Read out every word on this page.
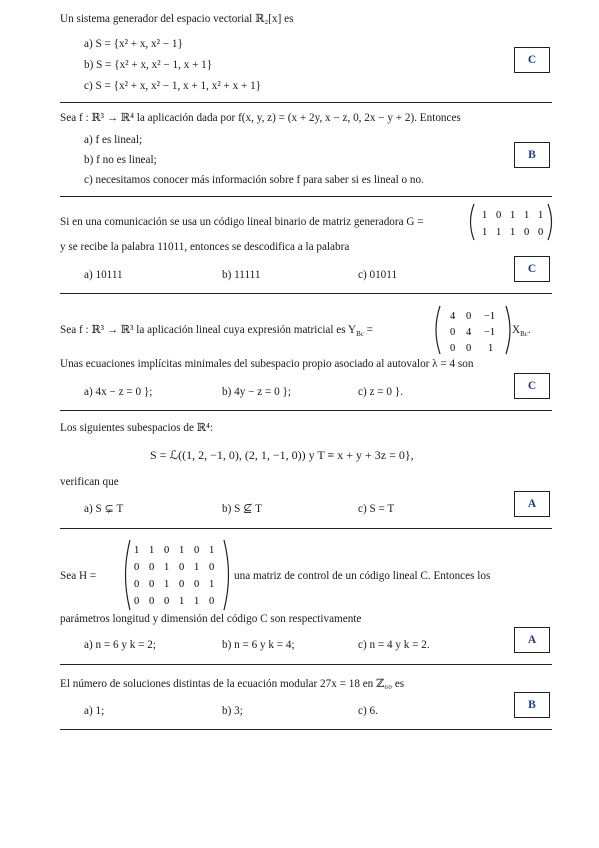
Un sistema generador del espacio vectorial ℝ₂[x] es
a) S = {x² + x, x² − 1}
b) S = {x² + x, x² − 1, x + 1}
c) S = {x² + x, x² − 1, x + 1, x² + x + 1}
C
Sea f : ℝ³ → ℝ⁴ la aplicación dada por f(x, y, z) = (x + 2y, x − z, 0, 2x − y + 2). Entonces
a) f es lineal;
b) f no es lineal;
c) necesitamos conocer más información sobre f para saber si es lineal o no.
B
Si en una comunicación se usa un código lineal binario de matriz generadora G =
1 0 1 1 1
1 1 1 0 0
y se recibe la palabra 11011, entonces se descodifica a la palabra
a) 10111	b) 11111	c) 01011	C
Sea f : ℝ³ → ℝ³ la aplicación lineal cuya expresión matricial es $Y_{Bc}$ =
4 0 −1
0 4 −1
0 0 1
$X_{Bc}$.
Unas ecuaciones implícitas minimales del subespacio propio asociado al autovalor λ = 4 son
a) 4x − z = 0 };	b) 4y − z = 0 };	c) z = 0 }.	C
Los siguientes subespacios de ℝ⁴:
S = ℒ((1, 2, −1, 0), (2, 1, −1, 0)) y T ≡ x + y + 3z = 0},
verifican que
a) S ⊊ T	b) S ⊈ T	c) S = T	A
Sea H =
1 1 0 1 0 1
0 0 1 0 1 0
0 0 1 0 0 1
0 0 0 1 1 0
una matriz de control de un código lineal C. Entonces los
parámetros longitud y dimensión del código C son respectivamente
a) n = 6 y k = 2;	b) n = 6 y k = 4;	c) n = 4 y k = 2.	A
El número de soluciones distintas de la ecuación modular 27x = 18 en ℤ₆₀ es
a) 1;	b) 3;	c) 6.	B
